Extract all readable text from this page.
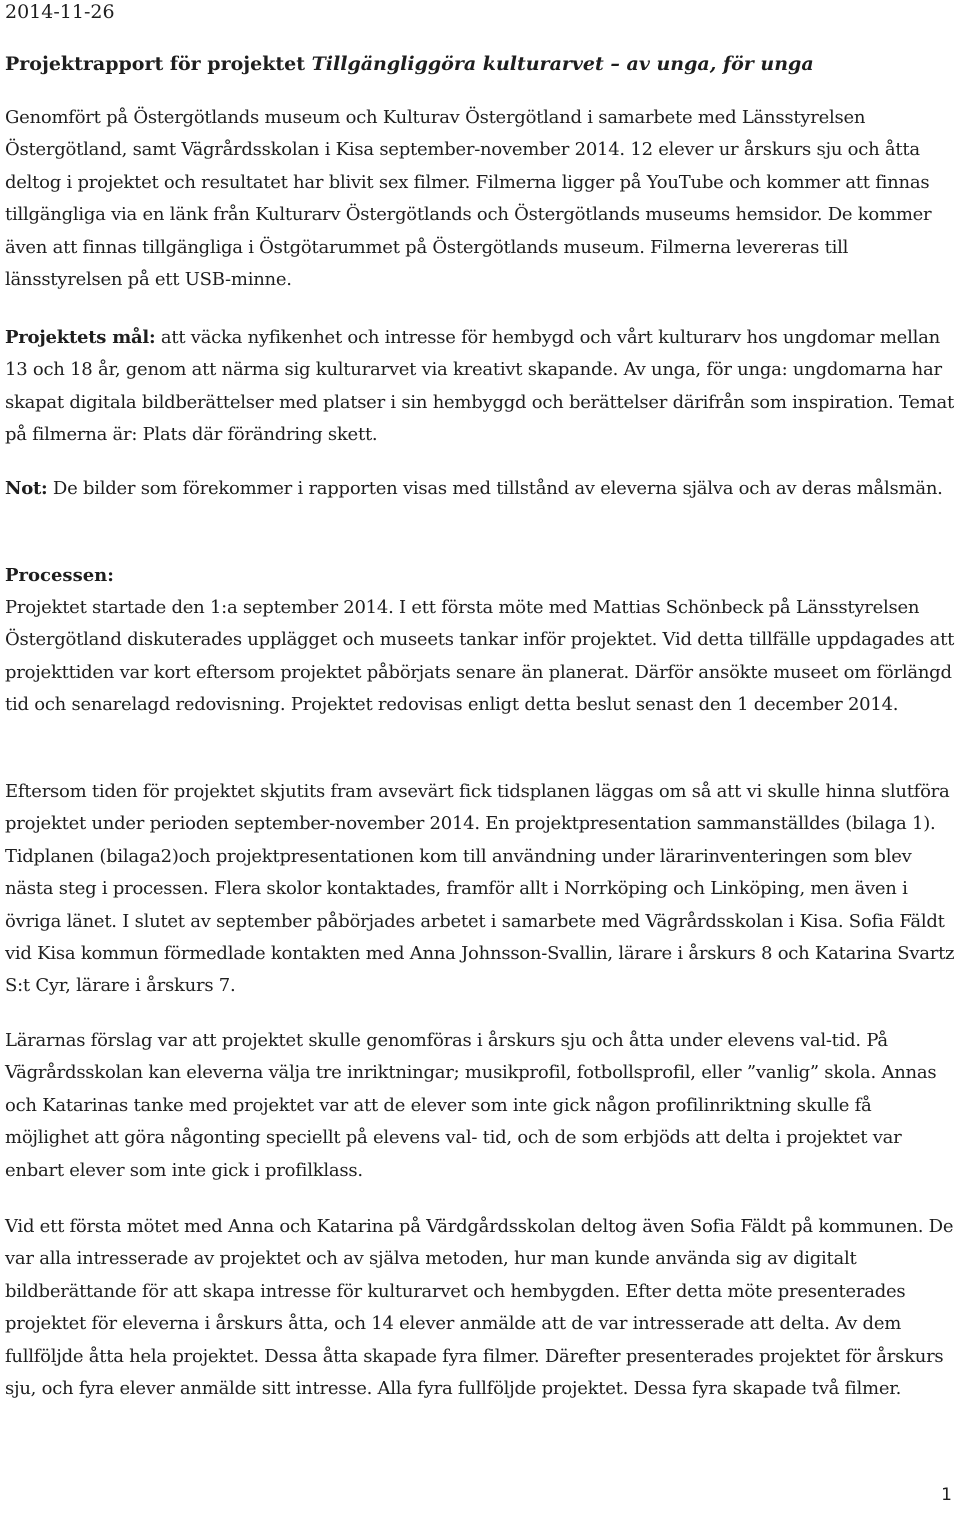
2014-11-26
Projektrapport för projektet Tillgängliggöra kulturarvet – av unga, för unga

Genomfört på Östergötlands museum och Kulturav Östergötland i samarbete med Länsstyrelsen Östergötland, samt Vägrårdsskolan i Kisa september-november 2014. 12 elever ur årskurs sju och åtta deltog i projektet och resultatet har blivit sex filmer. Filmerna ligger på YouTube och kommer att finnas tillgängliga via en länk från Kulturarv Östergötlands och Östergötlands museums hemsidor. De kommer även att finnas tillgängliga i Östgötarummet på Östergötlands museum. Filmerna levereras till länsstyrelsen på ett USB-minne.

Projektets mål: att väcka nyfikenhet och intresse för hembygd och vårt kulturarv hos ungdomar mellan 13 och 18 år, genom att närma sig kulturarvet via kreativt skapande. Av unga, för unga: ungdomarna har skapat digitala bildberättelser med platser i sin hembyggd och berättelser därifrån som inspiration. Temat på filmerna är: Plats där förändring skett.

Not: De bilder som förekommer i rapporten visas med tillstånd av eleverna själva och av deras målsmän.

Processen:

Projektet startade den 1:a september 2014. I ett första möte med Mattias Schönbeck på Länsstyrelsen Östergötland diskuterades upplägget och museets tankar inför projektet. Vid detta tillfälle uppdagades att projekttiden var kort eftersom projektet påbörjats senare än planerat. Därför ansökte museet om förlängd tid och senarelagd redovisning. Projektet redovisas enligt detta beslut senast den 1 december 2014.

Eftersom tiden för projektet skjutits fram avsevärt fick tidsplanen läggas om så att vi skulle hinna slutföra projektet under perioden september-november 2014. En projektpresentation sammanställdes (bilaga 1). Tidplanen (bilaga2)och projektpresentationen kom till användning under lärarinventeringen som blev nästa steg i processen. Flera skolor kontaktades, framför allt i Norrköping och Linköping, men även i övriga länet. I slutet av september påbörjades arbetet i samarbete med Vägrårdsskolan i Kisa. Sofia Fäldt vid Kisa kommun förmedlade kontakten med Anna Johnsson-Svallin, lärare i årskurs 8 och Katarina Svartz S:t Cyr, lärare i årskurs 7.

Lärarnas förslag var att projektet skulle genomföras i årskurs sju och åtta under elevens val-tid. På Vägrårdsskolan kan eleverna välja tre inriktningar; musikprofil, fotbollsprofil, eller ”vanlig” skola. Annas och Katarinas tanke med projektet var att de elever som inte gick någon profilinriktning skulle få möjlighet att göra någonting speciellt på elevens val- tid, och de som erbjöds att delta i projektet var enbart elever som inte gick i profilklass.

Vid ett första mötet med Anna och Katarina på Värdgårdsskolan deltog även Sofia Fäldt på kommunen. De var alla intresserade av projektet och av själva metoden, hur man kunde använda sig av digitalt bildberättande för att skapa intresse för kulturarvet och hembygden. Efter detta möte presenterades projektet för eleverna i årskurs åtta, och 14 elever anmälde att de var intresserade att delta. Av dem fullföljde åtta hela projektet. Dessa åtta skapade fyra filmer. Därefter presenterades projektet för årskurs sju, och fyra elever anmälde sitt intresse. Alla fyra fullföljde projektet. Dessa fyra skapade två filmer.

1
